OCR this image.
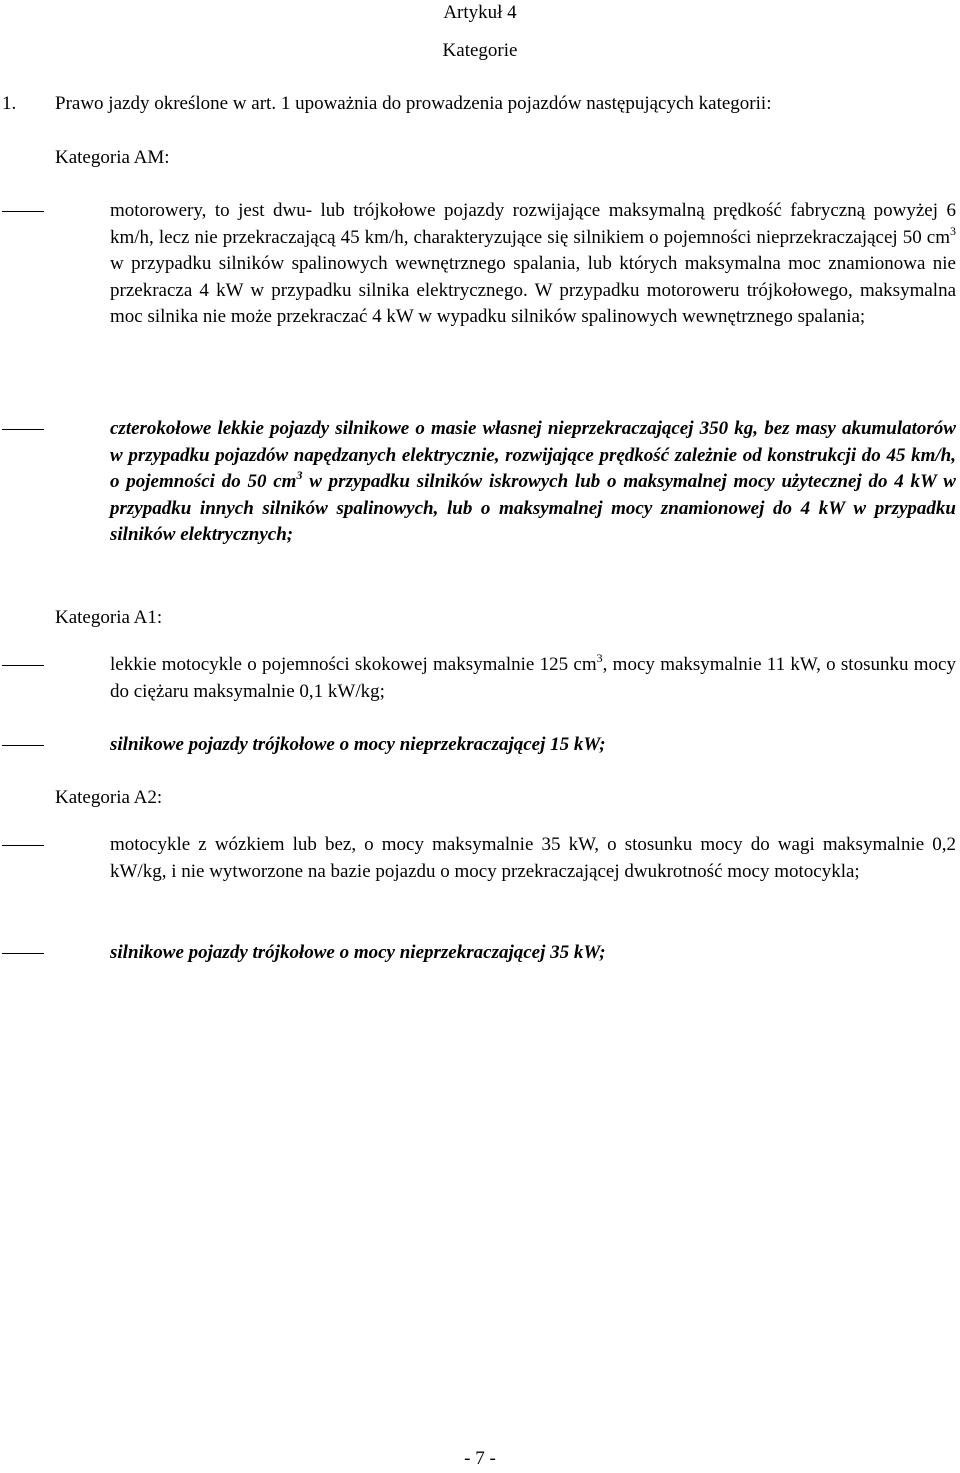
Artykuł 4
Kategorie
1. Prawo jazdy określone w art. 1 upoważnia do prowadzenia pojazdów następujących kategorii:
Kategoria AM:
motorowery, to jest dwu- lub trójkołowe pojazdy rozwijające maksymalną prędkość fabryczną powyżej 6 km/h, lecz nie przekraczającą 45 km/h, charakteryzujące się silnikiem o pojemności nieprzekraczającej 50 $cm^3$ w przypadku silników spalinowych wewnętrznego spalania, lub których maksymalna moc znamionowa nie przekracza 4 kW w przypadku silnika elektrycznego. W przypadku motoroweru trójkołowego, maksymalna moc silnika nie może przekraczać 4 kW w wypadku silników spalinowych wewnętrznego spalania;
czterokołowe lekkie pojazdy silnikowe o masie własnej nieprzekraczającej 350 kg, bez masy akumulatorów w przypadku pojazdów napędzanych elektrycznie, rozwijające prędkość zależnie od konstrukcji do 45 km/h, o pojemności do 50 $cm^3$ w przypadku silników iskrowych lub o maksymalnej mocy użytecznej do 4 kW w przypadku innych silników spalinowych, lub o maksymalnej mocy znamionowej do 4 kW w przypadku silników elektrycznych;
Kategoria A1:
lekkie motocykle o pojemności skokowej maksymalnie 125 $cm^3$, mocy maksymalnie 11 kW, o stosunku mocy do ciężaru maksymalnie 0,1 kW/kg;
silnikowe pojazdy trójkołowe o mocy nieprzekraczającej 15 kW;
Kategoria A2:
motocykle z wózkiem lub bez, o mocy maksymalnie 35 kW, o stosunku mocy do wagi maksymalnie 0,2 kW/kg, i nie wytworzone na bazie pojazdu o mocy przekraczającej dwukrotność mocy motocykla;
silnikowe pojazdy trójkołowe o mocy nieprzekraczającej 35 kW;
- 7 -
